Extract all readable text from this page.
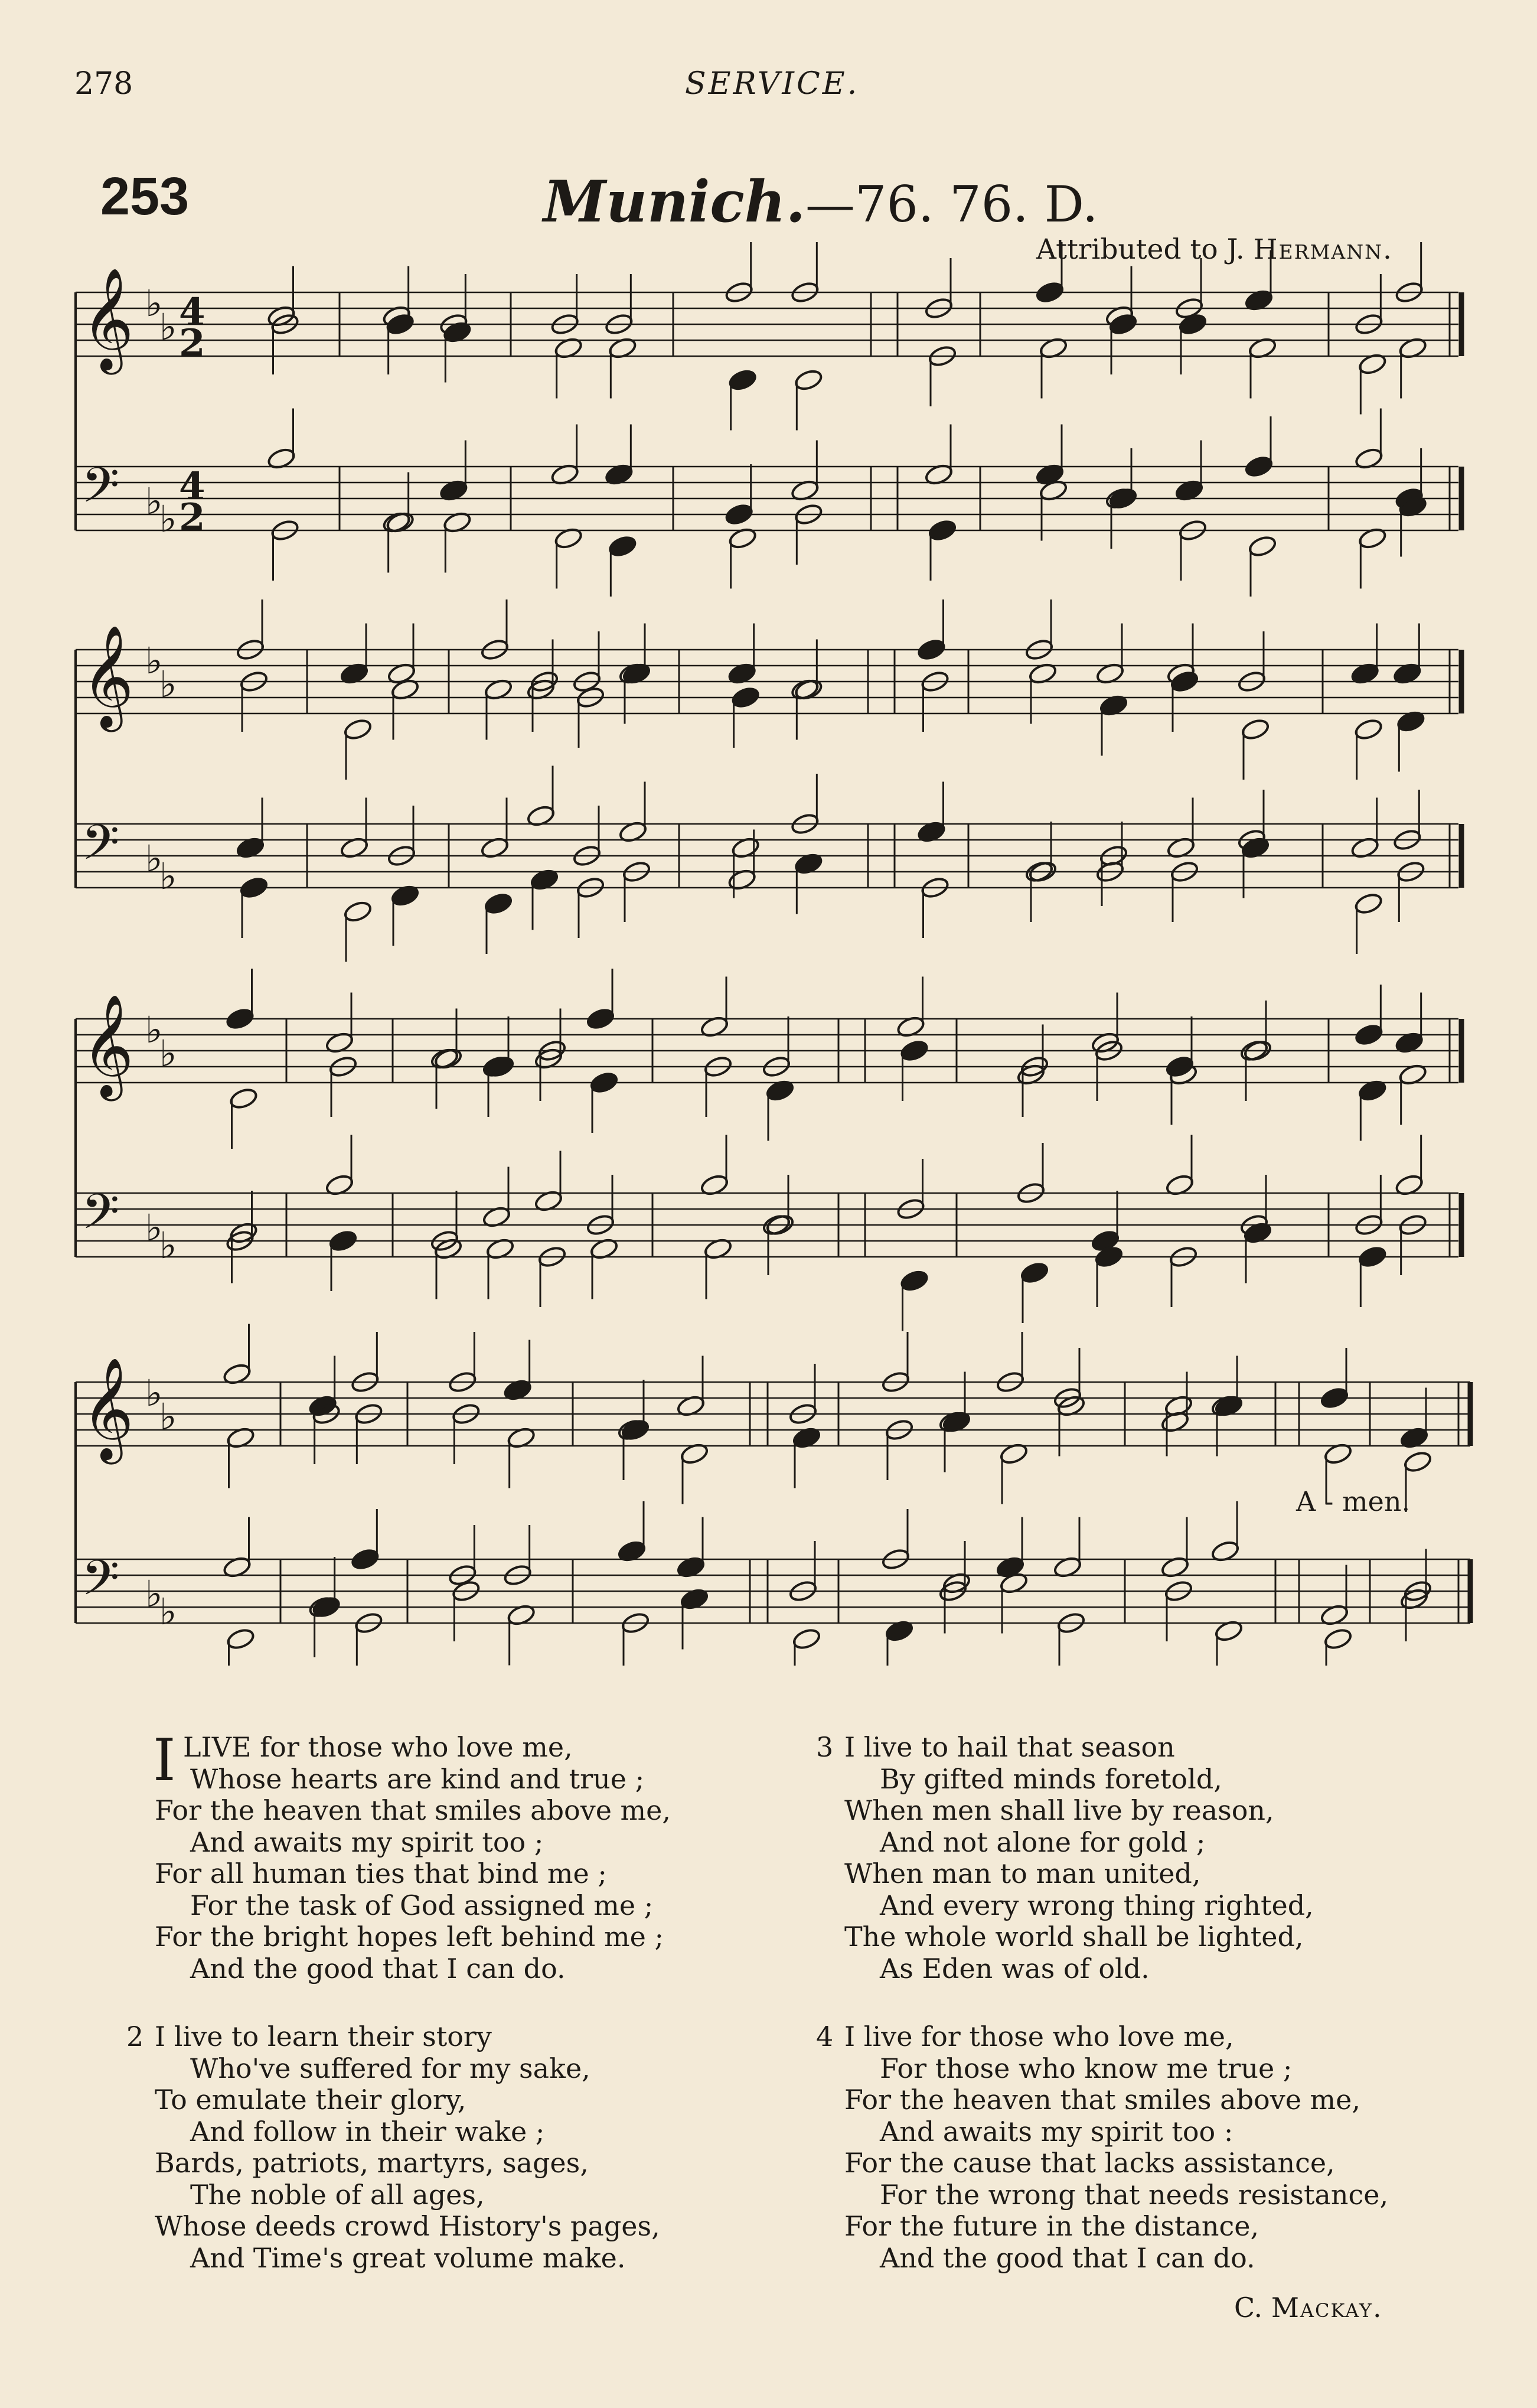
278	SERVICE.
253	Munich.—76. 76. D.
Attributed to J. Hermann.
𝄞 ♭
♭ 4
2
𝄢 ♭
♭
4
2
𝄞 ♭
♭
𝄢 ♭
♭
𝄞 ♭
♭
𝄢 ♭
♭
𝄞 ♭
♭
𝄢 ♭
♭
A - men.
I LIVE for those who love me,
Whose hearts are kind and true ;
For the heaven that smiles above me,
And awaits my spirit too ;
For all human ties that bind me ;
For the task of God assigned me ;
For the bright hopes left behind me ;
And the good that I can do.
2 I live to learn their story
Who've suffered for my sake,
To emulate their glory,
And follow in their wake ;
Bards, patriots, martyrs, sages,
The noble of all ages,
Whose deeds crowd History's pages,
And Time's great volume make.
3 I live to hail that season
By gifted minds foretold,
When men shall live by reason,
And not alone for gold ;
When man to man united,
And every wrong thing righted,
The whole world shall be lighted,
As Eden was of old.
4 I live for those who love me,
For those who know me true ;
For the heaven that smiles above me,
And awaits my spirit too :
For the cause that lacks assistance,
For the wrong that needs resistance,
For the future in the distance,
And the good that I can do.
C. Mackay.
